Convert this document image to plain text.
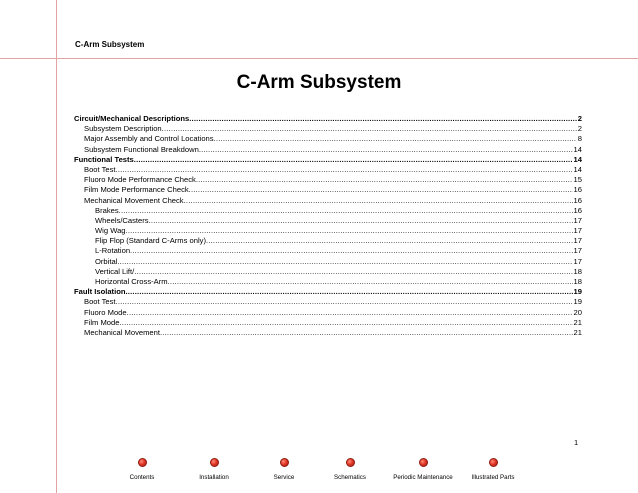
C-Arm Subsystem
C-Arm Subsystem
Circuit/Mechanical Descriptions .....	2
Subsystem Description .....	2
Major Assembly and Control Locations .....	8
Subsystem Functional Breakdown .....	14
Functional Tests .....	14
Boot Test .....	14
Fluoro Mode Performance Check .....	15
Film Mode Performance Check .....	16
Mechanical Movement Check .....	16
Brakes .....	16
Wheels/Casters .....	17
Wig Wag .....	17
Flip Flop (Standard C-Arms only) .....	17
L-Rotation .....	17
Orbital .....	17
Vertical Lift/ .....	18
Horizontal Cross-Arm .....	18
Fault Isolation .....	19
Boot Test .....	19
Fluoro Mode .....	20
Film Mode .....	21
Mechanical Movement .....	21
1
Contents	Installation	Service	Schematics	Periodic Maintenance	Illustrated Parts
